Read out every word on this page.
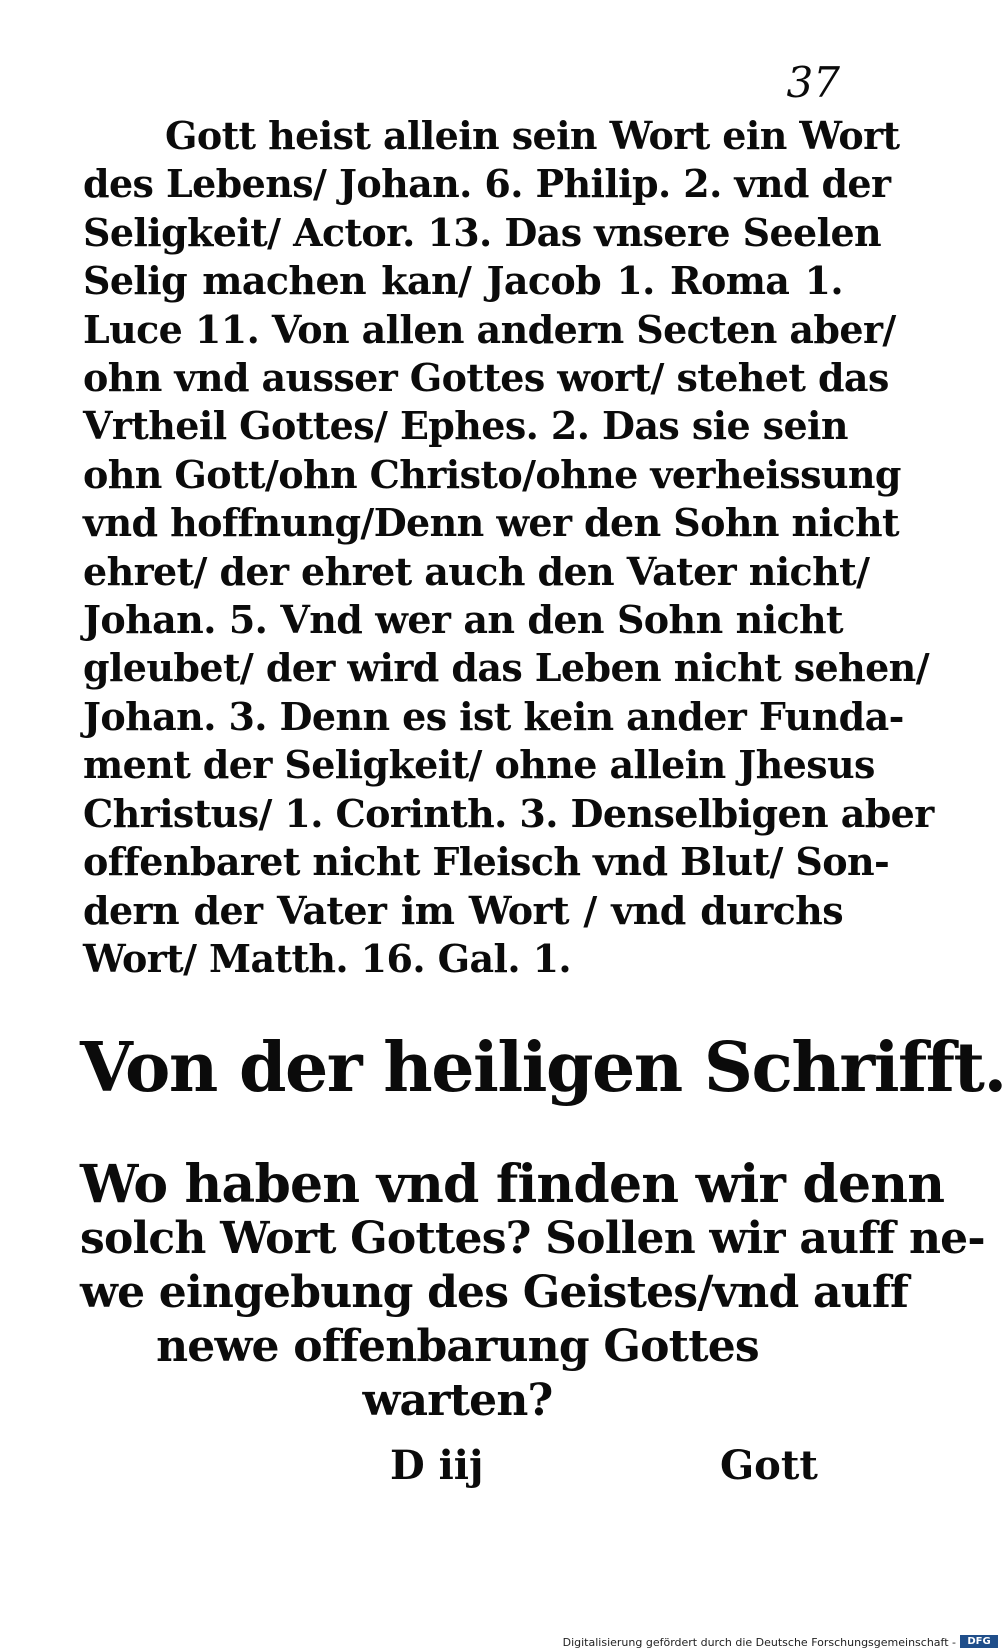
37
Gott heist allein sein Wort ein Wort
des Lebens/ Johan. 6. Philip. 2. vnd der
Seligkeit/ Actor. 13. Das vnsere Seelen
Selig machen kan/ Jacob 1. Roma 1.
Luce 11. Von allen andern Secten aber/
ohn vnd ausser Gottes wort/ stehet das
Vrtheil Gottes/ Ephes. 2. Das sie sein
ohn Gott/ohn Christo/ohne verheissung
vnd hoffnung/Denn wer den Sohn nicht
ehret/ der ehret auch den Vater nicht/
Johan. 5. Vnd wer an den Sohn nicht
gleubet/ der wird das Leben nicht sehen/
Johan. 3. Denn es ist kein ander Funda-
ment der Seligkeit/ ohne allein Jhesus
Christus/ 1. Corinth. 3. Denselbigen aber
offenbaret nicht Fleisch vnd Blut/ Son-
dern der Vater im Wort / vnd durchs
Wort/ Matth. 16. Gal. 1.
Von der heiligen Schrifft.
Wo haben vnd finden wir denn
solch Wort Gottes? Sollen wir auff ne-
we eingebung des Geistes/vnd auff
newe offenbarung Gottes
warten?
D iij	Gott
Digitalisierung gefördert durch die Deutsche Forschungsgemeinschaft -	DFG
